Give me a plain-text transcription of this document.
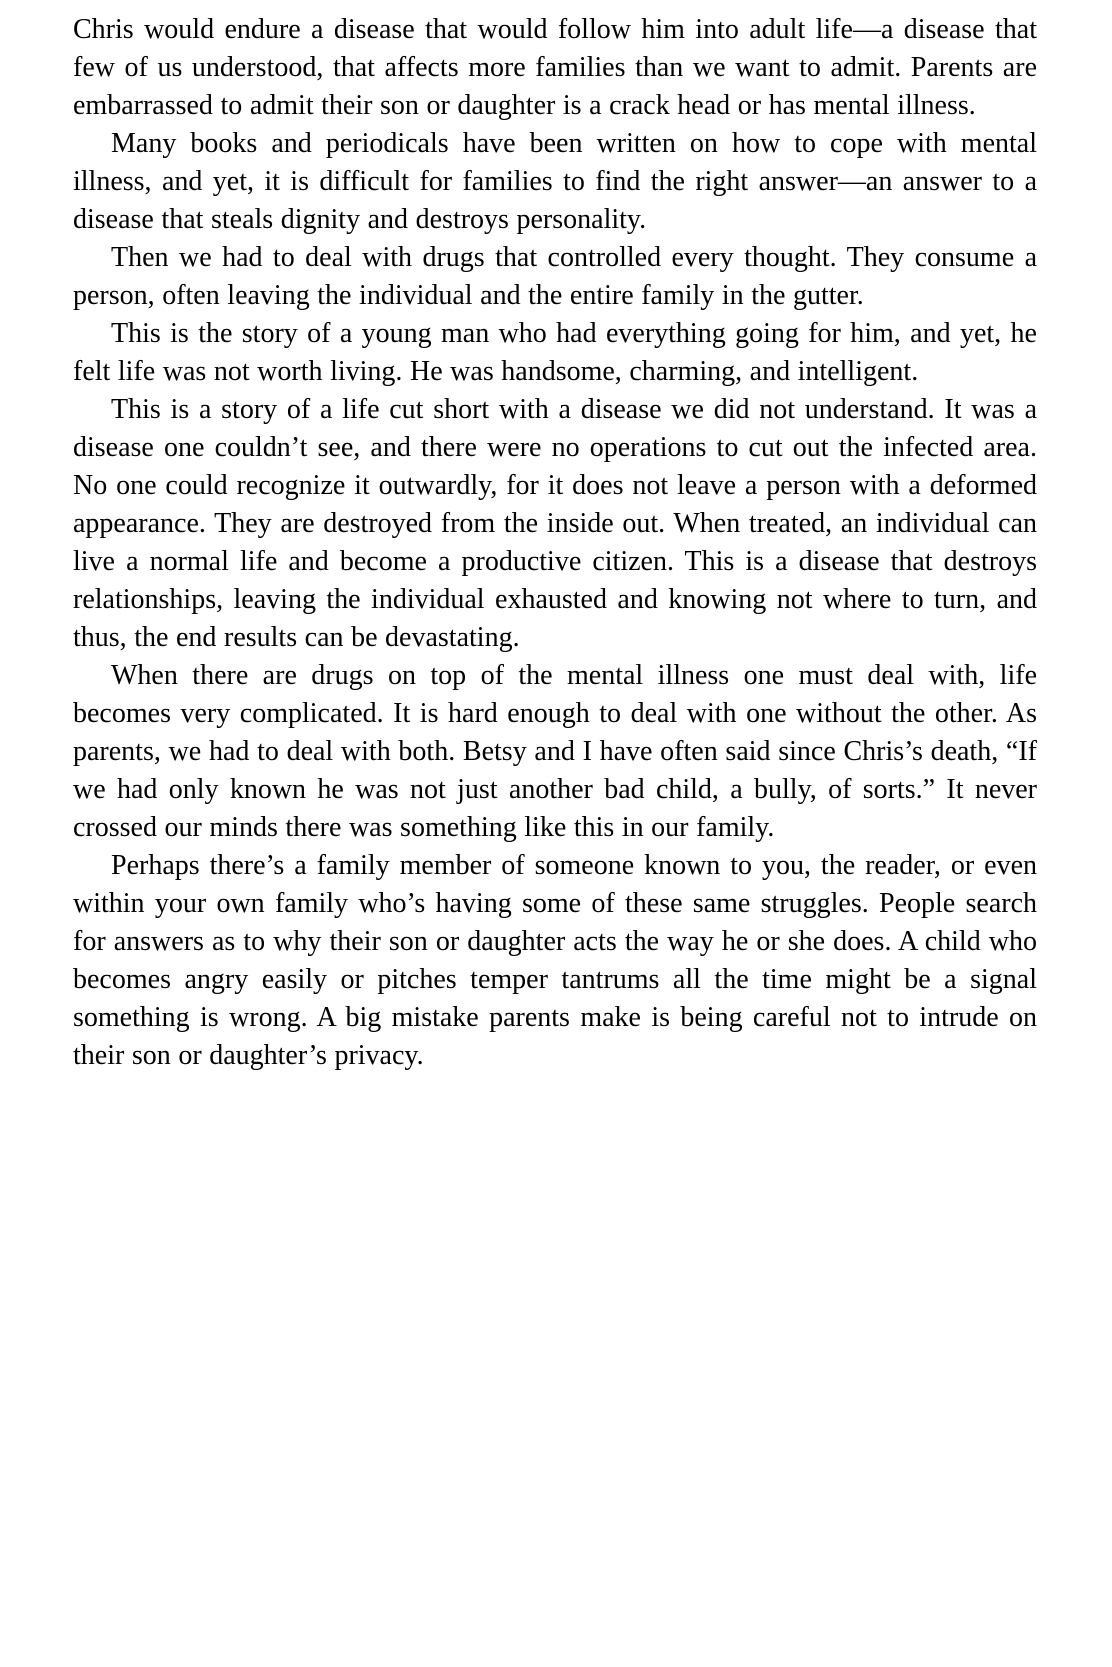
Chris would endure a disease that would follow him into adult life—a disease that few of us understood, that affects more families than we want to admit. Parents are embarrassed to admit their son or daughter is a crack head or has mental illness.

Many books and periodicals have been written on how to cope with mental illness, and yet, it is difficult for families to find the right answer—an answer to a disease that steals dignity and destroys personality.

Then we had to deal with drugs that controlled every thought. They consume a person, often leaving the individual and the entire family in the gutter.

This is the story of a young man who had everything going for him, and yet, he felt life was not worth living. He was handsome, charming, and intelligent.

This is a story of a life cut short with a disease we did not understand. It was a disease one couldn’t see, and there were no operations to cut out the infected area. No one could recognize it outwardly, for it does not leave a person with a deformed appearance. They are destroyed from the inside out. When treated, an individual can live a normal life and become a productive citizen. This is a disease that destroys relationships, leaving the individual exhausted and knowing not where to turn, and thus, the end results can be devastating.

When there are drugs on top of the mental illness one must deal with, life becomes very complicated. It is hard enough to deal with one without the other. As parents, we had to deal with both. Betsy and I have often said since Chris’s death, “If we had only known he was not just another bad child, a bully, of sorts.” It never crossed our minds there was something like this in our family.

Perhaps there’s a family member of someone known to you, the reader, or even within your own family who’s having some of these same struggles. People search for answers as to why their son or daughter acts the way he or she does. A child who becomes angry easily or pitches temper tantrums all the time might be a signal something is wrong. A big mistake parents make is being careful not to intrude on their son or daughter’s privacy.
